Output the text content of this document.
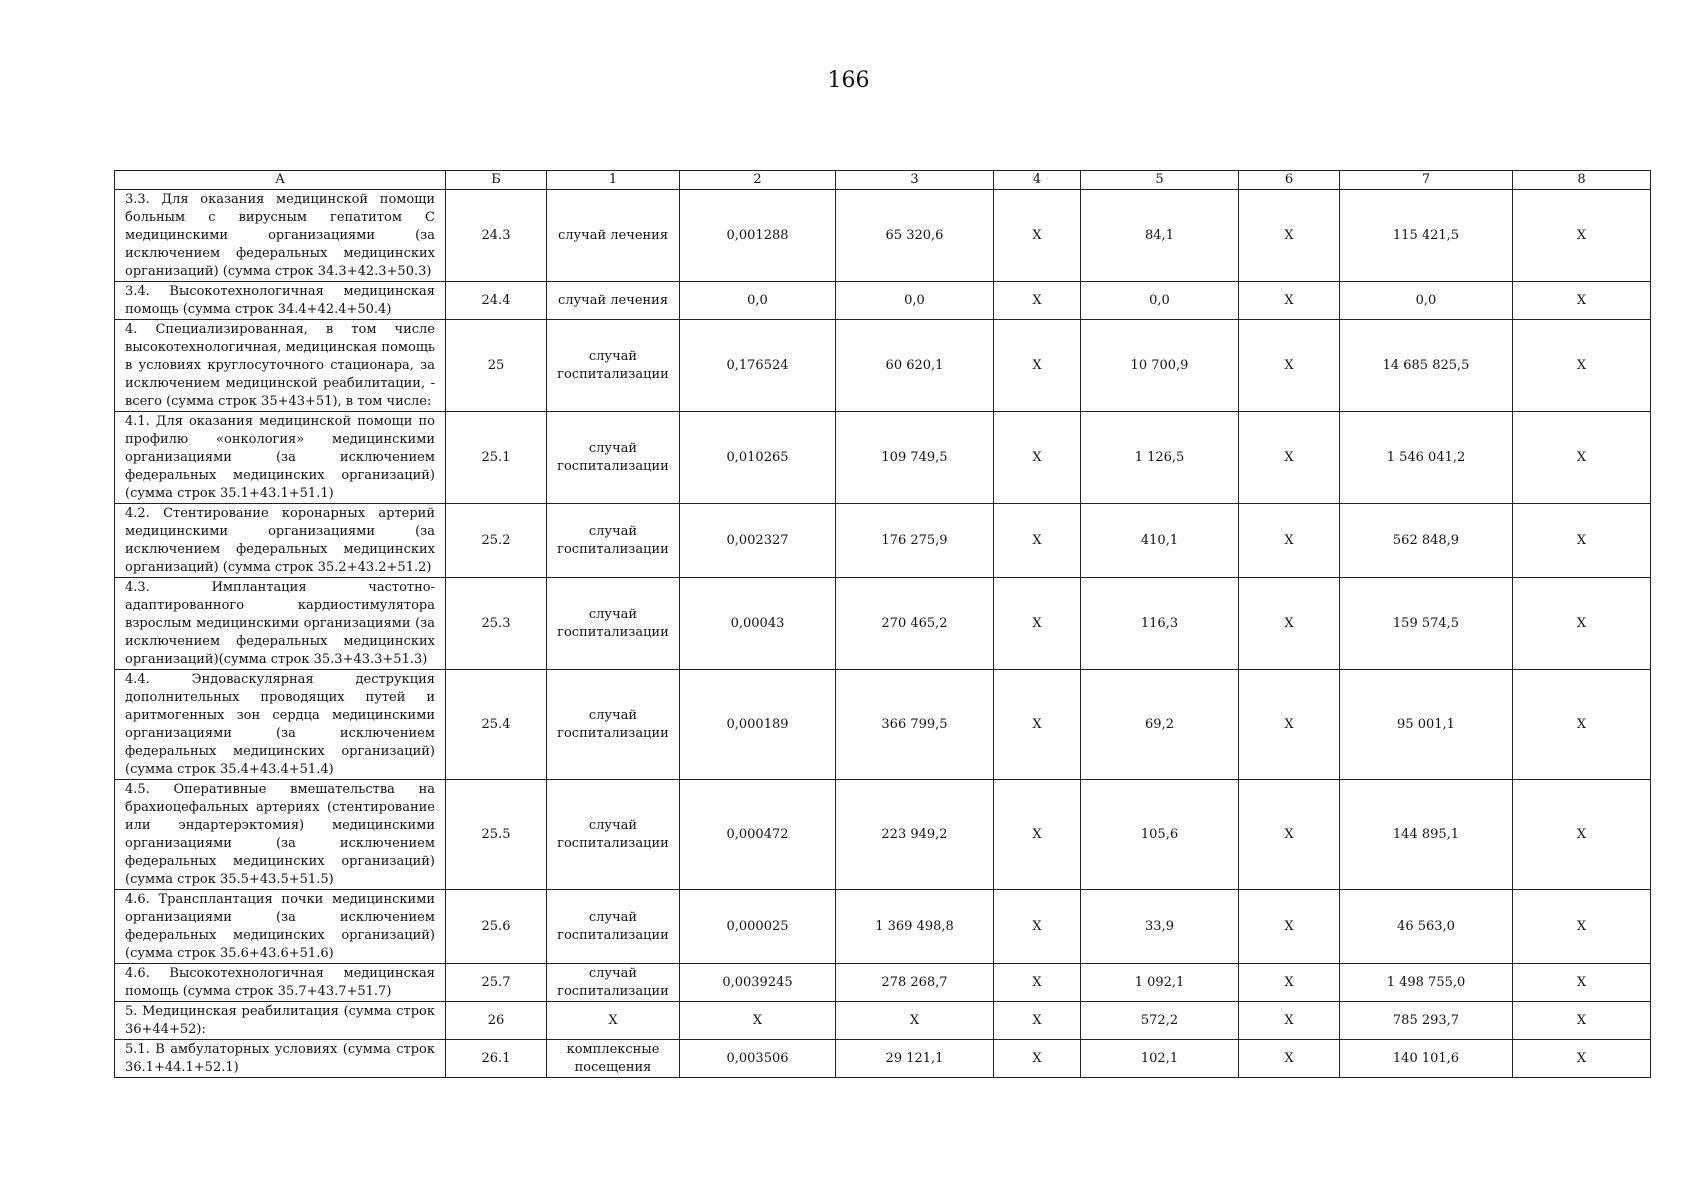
166
А	Б	1	2	3	4	5	6	7	8
3.3. Для оказания медицинской помощи больным с вирусным гепатитом С медицинскими организациями (за исключением федеральных медицинских организаций) (сумма строк 34.3+42.3+50.3)	24.3	случай лечения	0,001288	65 320,6	X	84,1	X	115 421,5	X
3.4. Высокотехнологичная медицинская помощь (сумма строк 34.4+42.4+50.4)	24.4	случай лечения	0,0	0,0	X	0,0	X	0,0	X
4. Специализированная, в том числе высокотехнологичная, медицинская помощь в условиях круглосуточного стационара, за исключением медицинской реабилитации, - всего (сумма строк 35+43+51), в том числе:	25	случай госпитализации	0,176524	60 620,1	X	10 700,9	X	14 685 825,5	X
4.1. Для оказания медицинской помощи по профилю «онкология» медицинскими организациями (за исключением федеральных медицинских организаций) (сумма строк 35.1+43.1+51.1)	25.1	случай госпитализации	0,010265	109 749,5	X	1 126,5	X	1 546 041,2	X
4.2. Стентирование коронарных артерий медицинскими организациями (за исключением федеральных медицинских организаций) (сумма строк 35.2+43.2+51.2)	25.2	случай госпитализации	0,002327	176 275,9	X	410,1	X	562 848,9	X
4.3. Имплантация частотно-адаптированного кардиостимулятора взрослым медицинскими организациями (за исключением федеральных медицинских организаций)(сумма строк 35.3+43.3+51.3)	25.3	случай госпитализации	0,00043	270 465,2	X	116,3	X	159 574,5	X
4.4. Эндоваскулярная деструкция дополнительных проводящих путей и аритмогенных зон сердца медицинскими организациями (за исключением федеральных медицинских организаций)(сумма строк 35.4+43.4+51.4)	25.4	случай госпитализации	0,000189	366 799,5	X	69,2	X	95 001,1	X
4.5. Оперативные вмешательства на брахиоцефальных артериях (стентирование или эндартерэктомия) медицинскими организациями (за исключением федеральных медицинских организаций) (сумма строк 35.5+43.5+51.5)	25.5	случай госпитализации	0,000472	223 949,2	X	105,6	X	144 895,1	X
4.6. Трансплантация почки медицинскими организациями (за исключением федеральных медицинских организаций) (сумма строк 35.6+43.6+51.6)	25.6	случай госпитализации	0,000025	1 369 498,8	X	33,9	X	46 563,0	X
4.6. Высокотехнологичная медицинская помощь (сумма строк 35.7+43.7+51.7)	25.7	случай госпитализации	0,0039245	278 268,7	X	1 092,1	X	1 498 755,0	X
5. Медицинская реабилитация (сумма строк 36+44+52):	26	X	X	X	X	572,2	X	785 293,7	X
5.1. В амбулаторных условиях (сумма строк 36.1+44.1+52.1)	26.1	комплексные посещения	0,003506	29 121,1	X	102,1	X	140 101,6	X
